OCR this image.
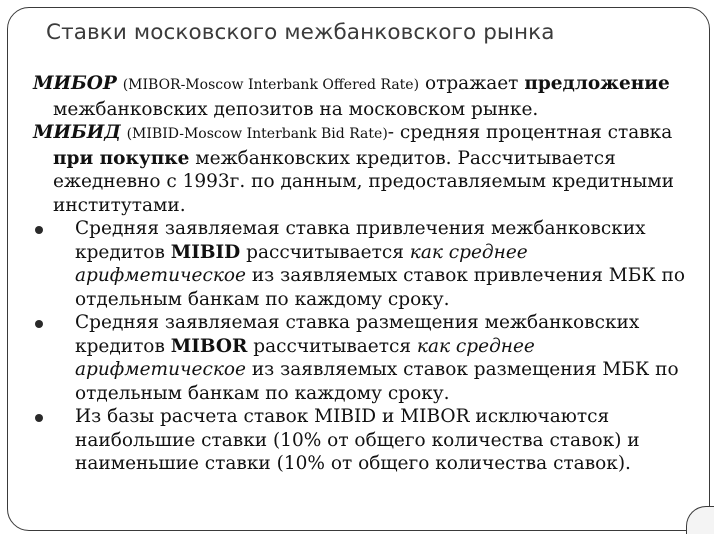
Ставки московского межбанковского рынка

МИБОР (MIBOR-Moscow Interbank Offered Rate) отражает предложение межбанковских депозитов на московском рынке.

МИБИД (MIBID-Moscow Interbank Bid Rate)- средняя процентная ставка при покупке межбанковских кредитов. Рассчитывается ежедневно с 1993г. по данным, предоставляемым кредитными институтами.

Средняя заявляемая ставка привлечения межбанковских кредитов MIBID рассчитывается как среднее арифметическое из заявляемых ставок привлечения МБК по отдельным банкам по каждому сроку.
Средняя заявляемая ставка размещения межбанковских кредитов MIBOR рассчитывается как среднее арифметическое из заявляемых ставок размещения МБК по отдельным банкам по каждому сроку.
Из базы расчета ставок MIBID и MIBOR исключаются наибольшие ставки (10% от общего количества ставок) и наименьшие ставки (10% от общего количества ставок).
